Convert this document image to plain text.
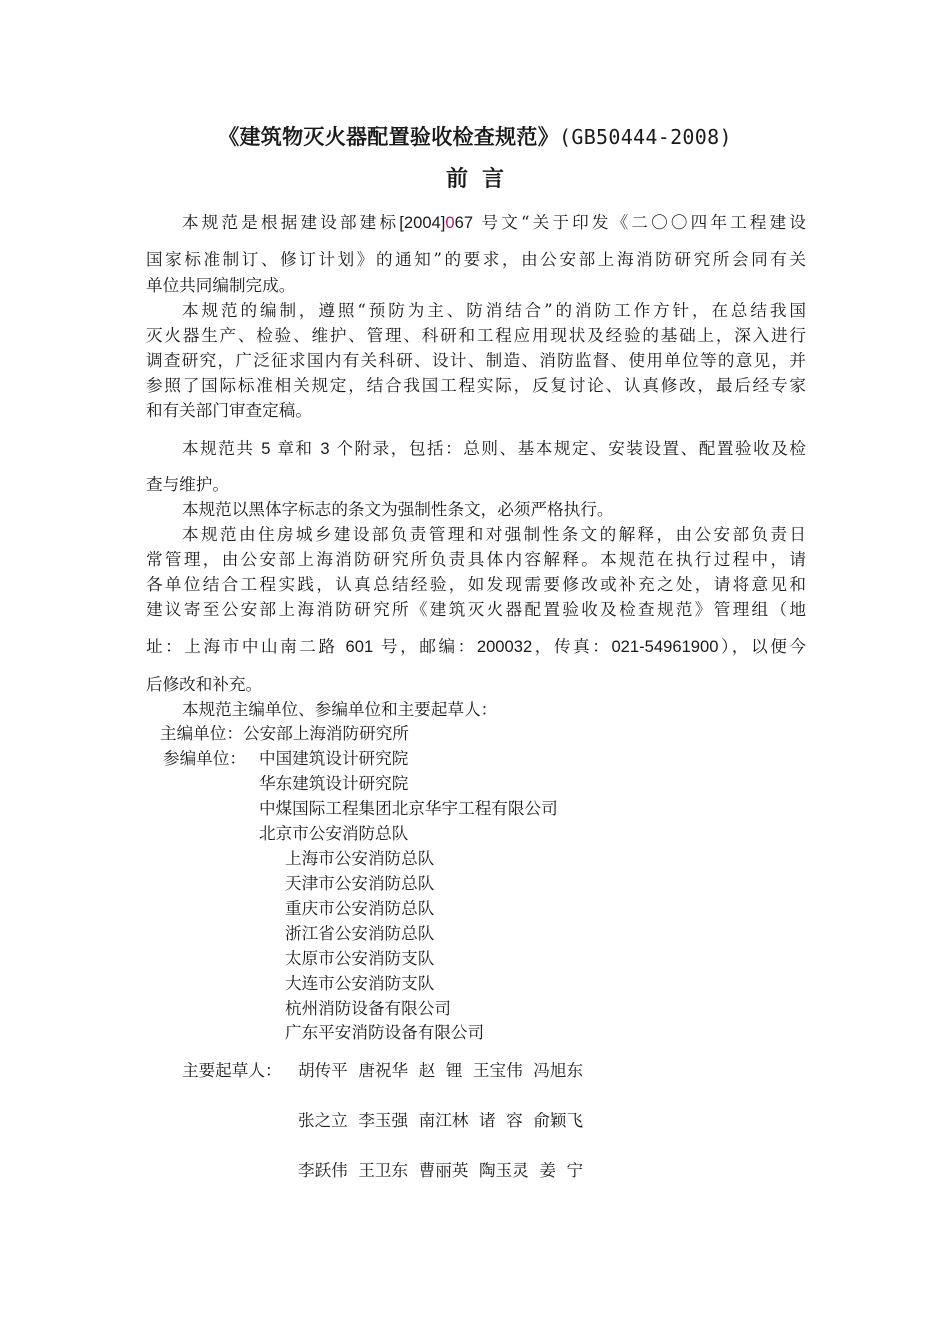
《建筑物灭火器配置验收检查规范》(GB50444-2008)
前言
本规范是根据建设部建标[2004]067 号文“关于印发《二〇〇四年工程建设
国家标准制订、修订计划》的通知”的要求，由公安部上海消防研究所会同有关
单位共同编制完成。
本规范的编制，遵照“预防为主、防消结合”的消防工作方针，在总结我国
灭火器生产、检验、维护、管理、科研和工程应用现状及经验的基础上，深入进行
调查研究，广泛征求国内有关科研、设计、制造、消防监督、使用单位等的意见，并
参照了国际标准相关规定，结合我国工程实际，反复讨论、认真修改，最后经专家
和有关部门审查定稿。
本规范共 5 章和 3 个附录，包括：总则、基本规定、安装设置、配置验收及检
查与维护。
本规范以黑体字标志的条文为强制性条文，必须严格执行。
本规范由住房城乡建设部负责管理和对强制性条文的解释，由公安部负责日
常管理，由公安部上海消防研究所负责具体内容解释。本规范在执行过程中，请
各单位结合工程实践，认真总结经验，如发现需要修改或补充之处，请将意见和
建议寄至公安部上海消防研究所《建筑灭火器配置验收及检查规范》管理组（地
址：上海市中山南二路 601 号，邮编：200032，传真：021-54961900），以便今
后修改和补充。
本规范主编单位、参编单位和主要起草人：
主编单位：公安部上海消防研究所
参编单位： 中国建筑设计研究院
华东建筑设计研究院
中煤国际工程集团北京华宇工程有限公司
北京市公安消防总队
上海市公安消防总队
天津市公安消防总队
重庆市公安消防总队
浙江省公安消防总队
太原市公安消防支队
大连市公安消防支队
杭州消防设备有限公司
广东平安消防设备有限公司
主要起草人： 胡传平  唐祝华  赵  锂  王宝伟  冯旭东
张之立  李玉强  南江林  诸  容  俞颖飞
李跃伟  王卫东  曹丽英  陶玉灵  姜  宁
